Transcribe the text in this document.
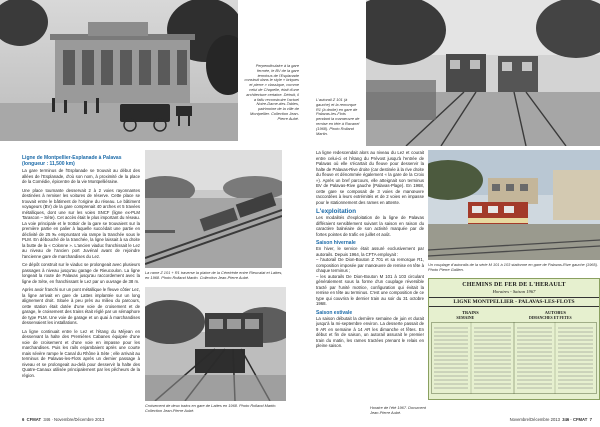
Perpendiculaire à la gare fermée, le BV de la gare terminus de l'Esplanade construit dans le style « briques et pierre » classique, comme celui de Chapelle, était d'une architecture certaine. Détruit, il a fallu reconstruire l'actuel Notre-Dame-des-Tables, patrimoine de la ville de Montpellier. Collection Jean-Pierre Aubé.
Ligne de Montpellier-Esplanade à Palavas (longueur : 11,500 km)

La gare terminus de l'Esplanade se trouvait au début des allées de l'Esplanade, d'où son nom, à proximité de la place de la Comédie, épicentre de la vie Montpelliéraine.

Une place tournante desservait 2 à 2 voies rayonnantes destinées à remiser les voitures de réserve. Cette place se trouvait entre le bâtiment de l'origine du réseau. Le bâtiment voyageurs (BV) de la gare comprenait 40 arches et 5 travées métalliques, dont une sur les voies SNCF (ligne ex-PLM Tarascon – Sète). Cet accès était le plus important du réseau. La voie principale et le trottoir de la gare se trouvaient sur la première partie en palier à laquelle succédait une partie en déclivité de 25 ‰ empruntant via rampe la tranchée sous le PLM. En débouché de la tranchée, la ligne laissait à sa droite la butte de la « Colonne ». L'ancien viaduc franchissait le Lez au niveau de l'ancien port Juvénal avant de rejoindre l'ancienne gare de marchandises du Lez.

Ce dépôt construit sur le viaduc se prolongeait avec plusieurs passages à niveau jusqu'au garage de Rieucoulon. La ligne longeait la route de Palavas jusqu'au raccordement avec la ligne de Sète, en franchissant le Lez par un ouvrage de 38 m.

Après avoir franchi sur un pont métallique le fleuve côtier Lez, la ligne arrivait en gare de Lattes implantée sur un long alignement droit. Située à peu près au milieu du parcours, cette station était dotée d'une voie de croisement et de garage, le croisement des trains était réglé par un sémaphore de type PLM. Une voie de garage et un quai à marchandises desservaient les installations.

La ligne continuait entre le Lez et l'étang du Méjean en desservant la halte des Premières Cabanes équipée d'une voie de croisement et d'une voie en impasse pour les marchandises. Puis les rails enjambaient après une courte mais sévère rampe le Canal du Rhône à Sète ; elle arrivait au terminus de Palavas-les-Flots après un dernier passage à niveau et se prolongeait au-delà pour desservir la halte des Quatre-Canaux utilisée principalement par les pêcheurs de la région.

La rame Z 101 + R1 traverse la plaine de la Céreirède entre Rieucalat et Lattes, en 1968. Photo Rolland Martin. Collection Jean-Pierre Aubé.
Croisement de deux trains en gare de Lattes en 1968. Photo Rolland Martin. Collection Jean-Pierre Aubé.
6 CFMAT 346 · Novembre/Décembre 2013
L'autorail Z 101 (à gauche) et la remorque R1 (à droite) en gare de Palavas-les-Flots pendant la manœuvre de remise en tête à Racanel (1968). Photo Rolland Martin.

La ligne redescendait alors au niveau du Lez et courait entre celui-ci et l'étang du Prévost jusqu'à l'entrée de Palavas où elle s'écartait du fleuve pour desservir la halte de Palavas-Rive droite (car destinée à la rive droite du fleuve et dénommée également « la gare de la Croix »). Après un bref parcours, elle atteignait son terminus BV de Palavas-Rive gauche (Palavas-Plage). En 1968, cette gare se composait de 3 voies de manœuvre raccordées à leurs extrémités et de 2 voies en impasse pour le stationnement des rames en attente.

L'exploitation

Les modalités d'exploitation de la ligne de Palavas différaient sensiblement suivant la saison en raison du caractère balnéaire de son activité marquée par de fortes pointes de trafic en juillet et août.

Saison hivernale

En hiver, le service était assuré exclusivement par autorails. Depuis 1964, la CFTA employait :
– l'autorail De Dion-Bouton Z 701 et sa remorque R1, composition imposée par manœuvre de remise en tête à chaque terminus ;
– les autorails De Dion-Bouton M 101 à 103 circulant généralement sous la forme d'un couplage réversible tracté par l'unité motrice, configuration qui évitait la remise en tête au terminus. C'est une composition de ce type qui couvrira le dernier train au soir du 31 octobre 1968.

Saison estivale

La saison débutait la dernière semaine de juin et durait jusqu'à la mi-septembre environ. La desserte passait de 9 AR en semaine à 14 AR les dimanche et fêtes. En début et fin de saison, un autorail assurait le premier train du matin, les rames tractées prenant le relais en pleine saison.

Un couplage d'autorails de la série M 101 à 103 stationne en gare de Palavas-Rive gauche (1965). Photo Pierre Gallien.
CHEMINS DE FER DE L'HERAULT
Horaires - Saison 1967
LIGNE MONTPELLIER - PALAVAS-LES-FLOTS
TRAINS	AUTOBUS
SEMAINE	DIMANCHES ET FETES
Horaire de l'été 1967. Document Jean-Pierre Aubé.
Novembre/Décembre 2013 346 · CFMAT 7
